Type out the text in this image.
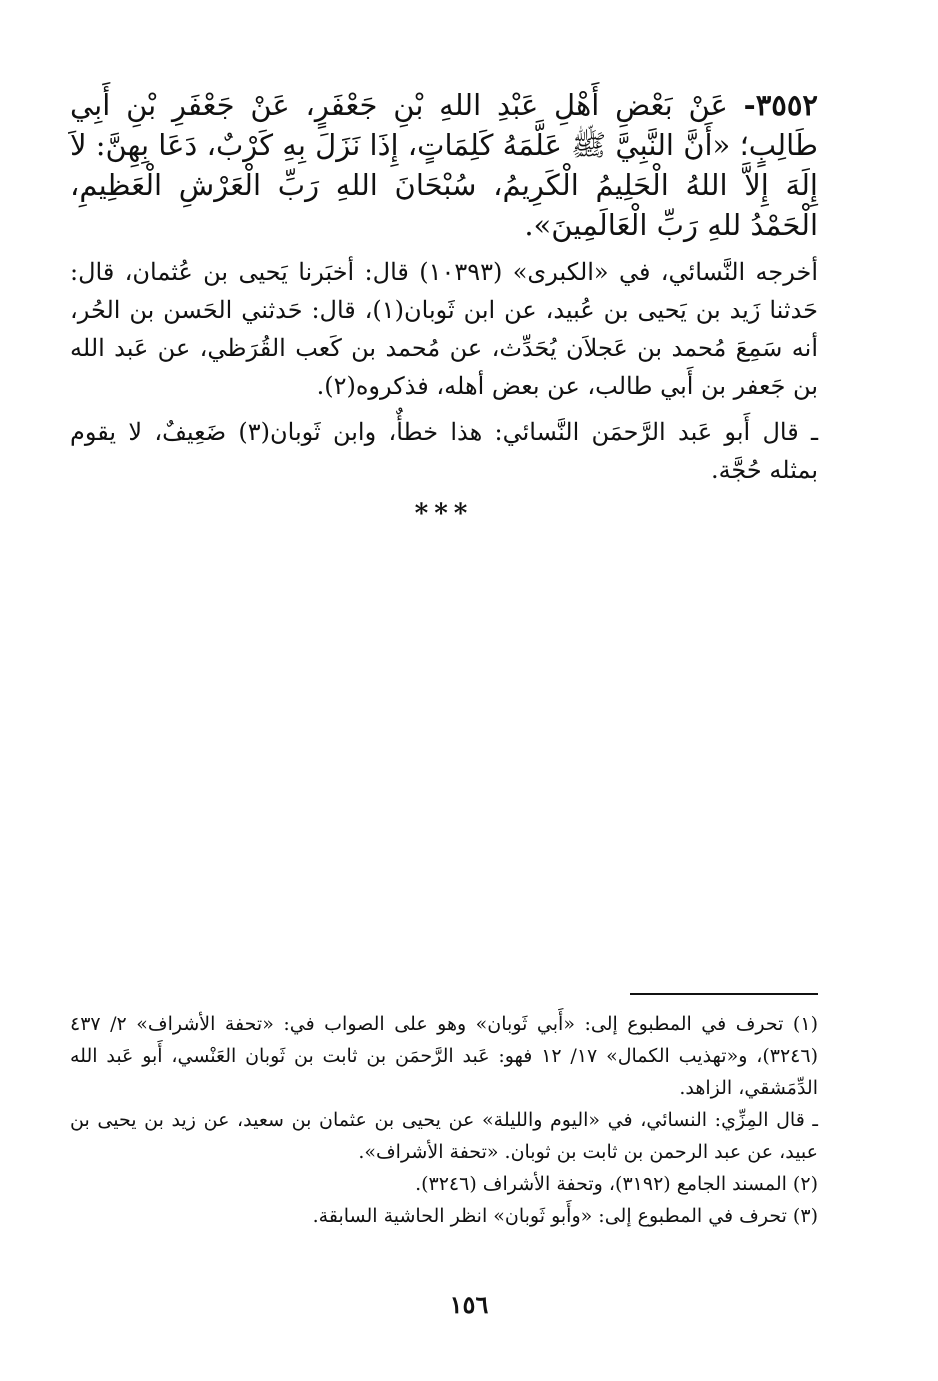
٣٥٥٢- عَنْ بَعْضِ أَهْلِ عَبْدِ اللهِ بْنِ جَعْفَرٍ، عَنْ جَعْفَرِ بْنِ أَبِي طَالِبٍ؛ «أَنَّ النَّبِيَّ ﷺ عَلَّمَهُ كَلِمَاتٍ، إِذَا نَزَلَ بِهِ كَرْبٌ، دَعَا بِهِنَّ: لاَ إِلَهَ إِلاَّ اللهُ الْحَلِيمُ الْكَرِيمُ، سُبْحَانَ اللهِ رَبِّ الْعَرْشِ الْعَظِيمِ، الْحَمْدُ للهِ رَبِّ الْعَالَمِينَ».

أخرجه النَّسائي، في «الكبرى» (١٠٣٩٣) قال: أخبَرنا يَحيى بن عُثمان، قال: حَدثنا زَيد بن يَحيى بن عُبيد، عن ابن ثَوبان(١)، قال: حَدثني الحَسن بن الحُر، أنه سَمِعَ مُحمد بن عَجلاَن يُحَدِّث، عن مُحمد بن كَعب القُرَظي، عن عَبد الله بن جَعفر بن أَبي طالب، عن بعض أهله، فذكروه(٢).

ـ قال أَبو عَبد الرَّحمَن النَّسائي: هذا خطأٌ، وابن ثَوبان(٣) ضَعِيفٌ، لا يقوم بمثله حُجَّة.

***

(١) تحرف في المطبوع إلى: «أَبي ثَوبان» وهو على الصواب في: «تحفة الأشراف» ٢/ ٤٣٧ (٣٢٤٦)، و«تهذيب الكمال» ١٧/ ١٢ فهو: عَبد الرَّحمَن بن ثابت بن ثَوبان العَنْسي، أَبو عَبد الله الدِّمَشقي، الزاهد.

ـ قال المِزِّي: النسائي، في «اليوم والليلة» عن يحيى بن عثمان بن سعيد، عن زيد بن يحيى بن عبيد، عن عبد الرحمن بن ثابت بن ثوبان. «تحفة الأشراف».

(٢) المسند الجامع (٣١٩٢)، وتحفة الأشراف (٣٢٤٦).

(٣) تحرف في المطبوع إلى: «وأَبو ثَوبان» انظر الحاشية السابقة.

١٥٦
